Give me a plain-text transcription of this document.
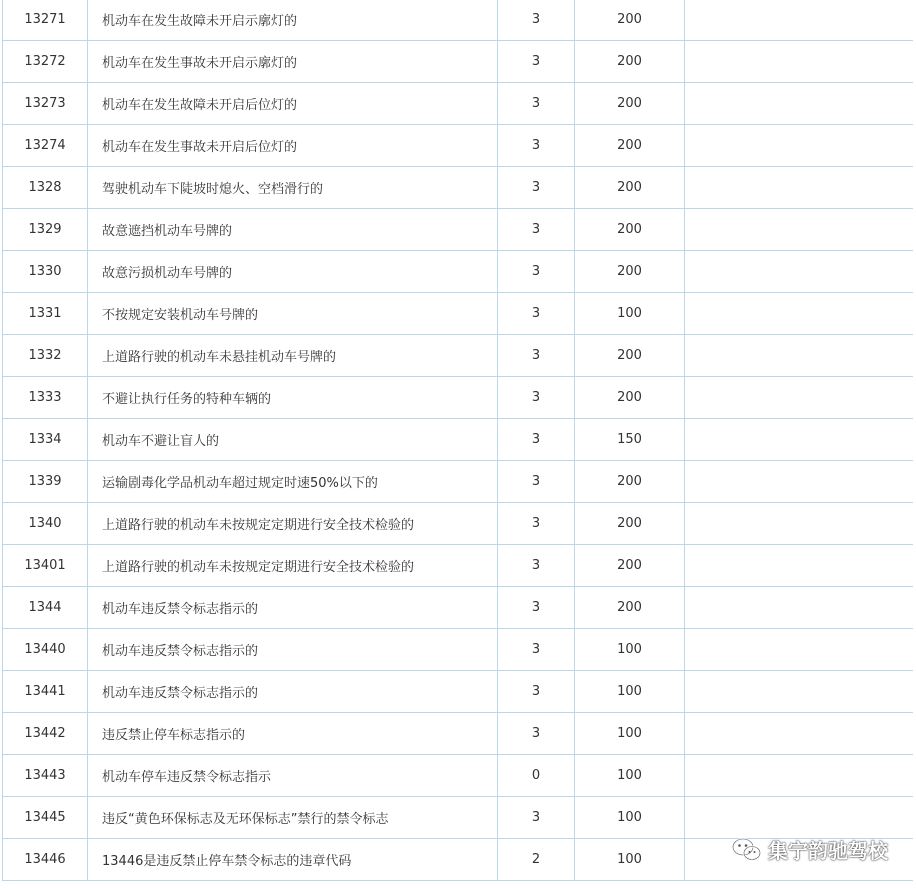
13271	机动车在发生故障未开启示廓灯的	3	200	
13272	机动车在发生事故未开启示廓灯的	3	200	
13273	机动车在发生故障未开启后位灯的	3	200	
13274	机动车在发生事故未开启后位灯的	3	200	
1328	驾驶机动车下陡坡时熄火、空档滑行的	3	200	
1329	故意遮挡机动车号牌的	3	200	
1330	故意污损机动车号牌的	3	200	
1331	不按规定安装机动车号牌的	3	100	
1332	上道路行驶的机动车未悬挂机动车号牌的	3	200	
1333	不避让执行任务的特种车辆的	3	200	
1334	机动车不避让盲人的	3	150	
1339	运输剧毒化学品机动车超过规定时速50%以下的	3	200	
1340	上道路行驶的机动车未按规定定期进行安全技术检验的	3	200	
13401	上道路行驶的机动车未按规定定期进行安全技术检验的	3	200	
1344	机动车违反禁令标志指示的	3	200	
13440	机动车违反禁令标志指示的	3	100	
13441	机动车违反禁令标志指示的	3	100	
13442	违反禁止停车标志指示的	3	100	
13443	机动车停车违反禁令标志指示	0	100	
13445	违反“黄色环保标志及无环保标志”禁行的禁令标志	3	100	
13446	13446是违反禁止停车禁令标志的违章代码	2	100		集宁韵驰驾校
